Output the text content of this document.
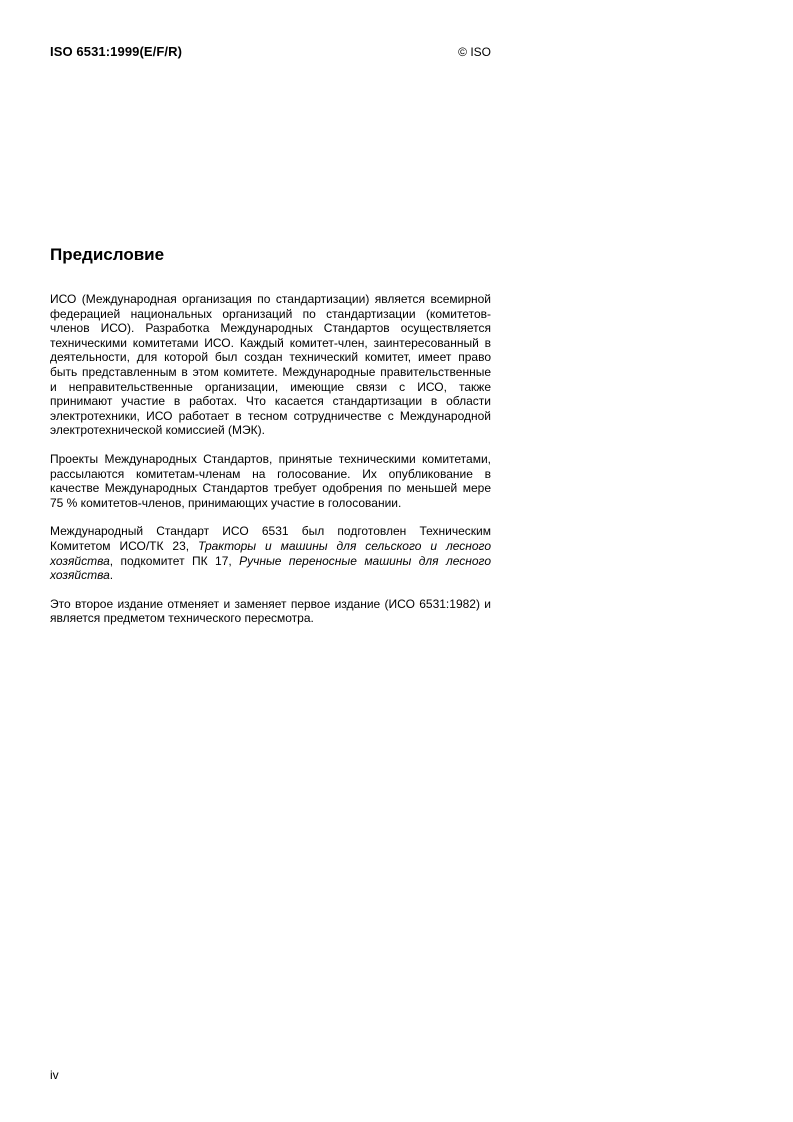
ISO 6531:1999(E/F/R)	© ISO
Предисловие

ИСО (Международная организация по стандартизации) является всемирной федерацией национальных организаций по стандартизации (комитетов-членов ИСО). Разработка Международных Стандартов осуществляется техническими комитетами ИСО. Каждый комитет-член, заинтересованный в деятельности, для которой был создан технический комитет, имеет право быть представленным в этом комитете. Международные правительственные и неправительственные организации, имеющие связи с ИСО, также принимают участие в работах. Что касается стандартизации в области электротехники, ИСО работает в тесном сотрудничестве с Международной электротехнической комиссией (МЭК).

Проекты Международных Стандартов, принятые техническими комитетами, рассылаются комитетам-членам на голосование. Их опубликование в качестве Международных Стандартов требует одобрения по меньшей мере 75 % комитетов-членов, принимающих участие в голосовании.

Международный Стандарт ИСО 6531 был подготовлен Техническим Комитетом ИСО/ТК 23, Тракторы и машины для сельского и лесного хозяйства, подкомитет ПК 17, Ручные переносные машины для лесного хозяйства.

Это второе издание отменяет и заменяет первое издание (ИСО 6531:1982) и является предметом технического пересмотра.

iv
